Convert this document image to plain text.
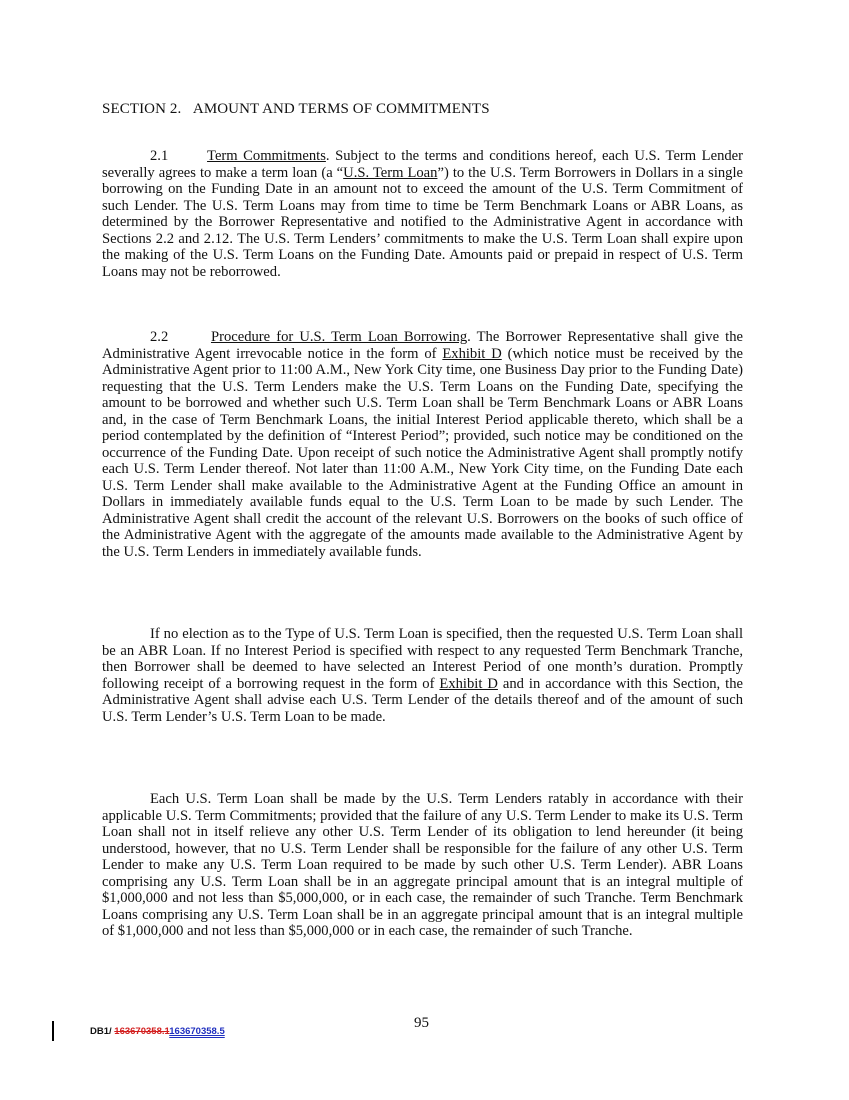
SECTION 2.   AMOUNT AND TERMS OF COMMITMENTS
2.1	Term Commitments. Subject to the terms and conditions hereof, each U.S. Term Lender severally agrees to make a term loan (a “U.S. Term Loan”) to the U.S. Term Borrowers in Dollars in a single borrowing on the Funding Date in an amount not to exceed the amount of the U.S. Term Commitment of such Lender. The U.S. Term Loans may from time to time be Term Benchmark Loans or ABR Loans, as determined by the Borrower Representative and notified to the Administrative Agent in accordance with Sections 2.2 and 2.12. The U.S. Term Lenders’ commitments to make the U.S. Term Loan shall expire upon the making of the U.S. Term Loans on the Funding Date. Amounts paid or prepaid in respect of U.S. Term Loans may not be reborrowed.
2.2	Procedure for U.S. Term Loan Borrowing. The Borrower Representative shall give the Administrative Agent irrevocable notice in the form of Exhibit D (which notice must be received by the Administrative Agent prior to 11:00 A.M., New York City time, one Business Day prior to the Funding Date) requesting that the U.S. Term Lenders make the U.S. Term Loans on the Funding Date, specifying the amount to be borrowed and whether such U.S. Term Loan shall be Term Benchmark Loans or ABR Loans and, in the case of Term Benchmark Loans, the initial Interest Period applicable thereto, which shall be a period contemplated by the definition of “Interest Period”; provided, such notice may be conditioned on the occurrence of the Funding Date. Upon receipt of such notice the Administrative Agent shall promptly notify each U.S. Term Lender thereof. Not later than 11:00 A.M., New York City time, on the Funding Date each U.S. Term Lender shall make available to the Administrative Agent at the Funding Office an amount in Dollars in immediately available funds equal to the U.S. Term Loan to be made by such Lender. The Administrative Agent shall credit the account of the relevant U.S. Borrowers on the books of such office of the Administrative Agent with the aggregate of the amounts made available to the Administrative Agent by the U.S. Term Lenders in immediately available funds.
If no election as to the Type of U.S. Term Loan is specified, then the requested U.S. Term Loan shall be an ABR Loan. If no Interest Period is specified with respect to any requested Term Benchmark Tranche, then Borrower shall be deemed to have selected an Interest Period of one month’s duration. Promptly following receipt of a borrowing request in the form of Exhibit D and in accordance with this Section, the Administrative Agent shall advise each U.S. Term Lender of the details thereof and of the amount of such U.S. Term Lender’s U.S. Term Loan to be made.
Each U.S. Term Loan shall be made by the U.S. Term Lenders ratably in accordance with their applicable U.S. Term Commitments; provided that the failure of any U.S. Term Lender to make its U.S. Term Loan shall not in itself relieve any other U.S. Term Lender of its obligation to lend hereunder (it being understood, however, that no U.S. Term Lender shall be responsible for the failure of any other U.S. Term Lender to make any U.S. Term Loan required to be made by such other U.S. Term Lender). ABR Loans comprising any U.S. Term Loan shall be in an aggregate principal amount that is an integral multiple of $1,000,000 and not less than $5,000,000, or in each case, the remainder of such Tranche. Term Benchmark Loans comprising any U.S. Term Loan shall be in an aggregate principal amount that is an integral multiple of $1,000,000 and not less than $5,000,000 or in each case, the remainder of such Tranche.
DB1/ 163670358.1163670358.5
95
